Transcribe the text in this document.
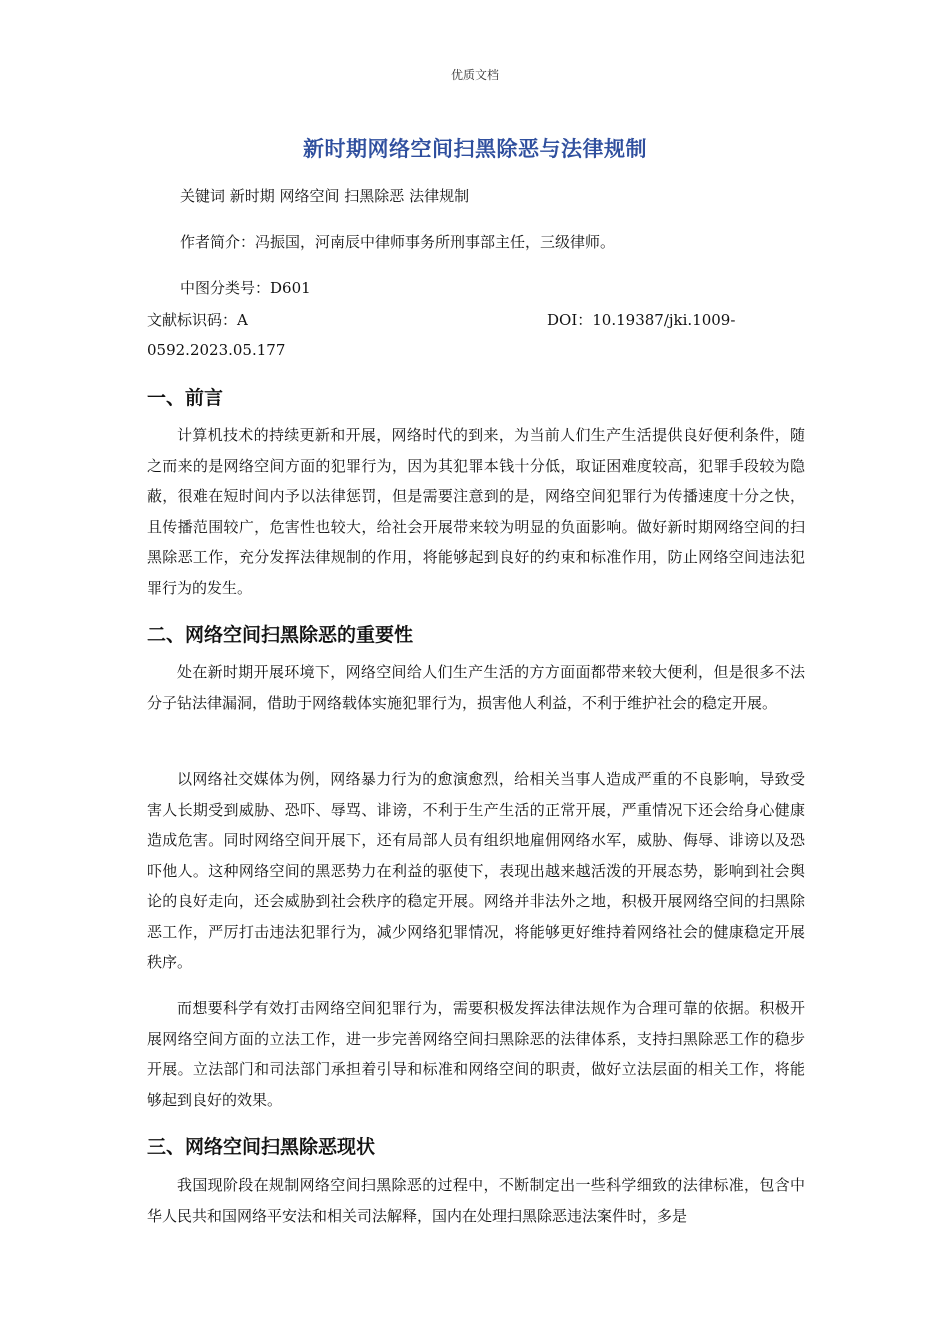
优质文档
新时期网络空间扫黑除恶与法律规制
关键词 新时期 网络空间 扫黑除恶 法律规制
作者简介：冯振国，河南辰中律师事务所刑事部主任，三级律师。
中图分类号：D601
文献标识码：A	DOI：10.19387/jki.1009-
0592.2023.05.177
一、前言

计算机技术的持续更新和开展，网络时代的到来，为当前人们生产生活提供良好便利条件，随之而来的是网络空间方面的犯罪行为，因为其犯罪本钱十分低，取证困难度较高，犯罪手段较为隐蔽，很难在短时间内予以法律惩罚，但是需要注意到的是，网络空间犯罪行为传播速度十分之快，且传播范围较广，危害性也较大，给社会开展带来较为明显的负面影响。做好新时期网络空间的扫黑除恶工作，充分发挥法律规制的作用，将能够起到良好的约束和标准作用，防止网络空间违法犯罪行为的发生。

二、网络空间扫黑除恶的重要性

处在新时期开展环境下，网络空间给人们生产生活的方方面面都带来较大便利，但是很多不法分子钻法律漏洞，借助于网络载体实施犯罪行为，损害他人利益，不利于维护社会的稳定开展。

以网络社交媒体为例，网络暴力行为的愈演愈烈，给相关当事人造成严重的不良影响，导致受害人长期受到威胁、恐吓、辱骂、诽谤，不利于生产生活的正常开展，严重情况下还会给身心健康造成危害。同时网络空间开展下，还有局部人员有组织地雇佣网络水军，威胁、侮辱、诽谤以及恐吓他人。这种网络空间的黑恶势力在利益的驱使下，表现出越来越活泼的开展态势，影响到社会舆论的良好走向，还会威胁到社会秩序的稳定开展。网络并非法外之地，积极开展网络空间的扫黑除恶工作，严厉打击违法犯罪行为，减少网络犯罪情况，将能够更好维持着网络社会的健康稳定开展秩序。

而想要科学有效打击网络空间犯罪行为，需要积极发挥法律法规作为合理可靠的依据。积极开展网络空间方面的立法工作，进一步完善网络空间扫黑除恶的法律体系，支持扫黑除恶工作的稳步开展。立法部门和司法部门承担着引导和标准和网络空间的职责，做好立法层面的相关工作，将能够起到良好的效果。

三、网络空间扫黑除恶现状

我国现阶段在规制网络空间扫黑除恶的过程中，不断制定出一些科学细致的法律标准，包含中华人民共和国网络平安法和相关司法解释，国内在处理扫黑除恶违法案件时，多是
